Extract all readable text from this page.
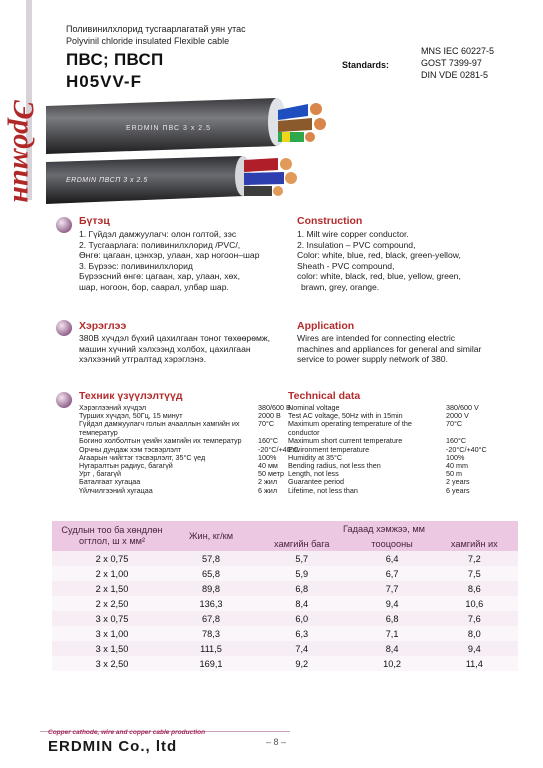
Эрдмин
Поливинилхлорид тусгаарлагатай уян утас
Polyvinil chloride insulated Flexible cable
ПВС; ПВСП
H05VV-F
Standards:
MNS IEC 60227-5
GOST 7399-97
DIN VDE 0281-5
ERDMIN ПВС 3 х 2.5
ERDMIN ПВСП 3 х 2.5
Бүтэц
1. Гүйдэл дамжуулагч: олон голтой, зэс
2. Тусгаарлага: поливинилхлорид /PVC/,
Өнгө: цагаан, цэнхэр, улаан, хар ногоон–шар
3. Бүрээс: поливинилхлорид
Бүрээсний өнгө: цагаан, хар, улаан, хөх,
шар, ногоон, бор, саарал, улбар шар.
Construction
1. Milt wire copper conductor.
2. Insulation – PVC compound,
Color: white, blue, red, black, green-yellow,
Sheath - PVC compound,
color: white, black, red, blue, yellow, green,
brawn, grey, orange.
Хэрэглээ
380В хүчдэл бүхий цахилгаан тоног төхөөрөмж,
машин хүчний хэлхээнд холбох, цахилгаан
хэлхээний утгралтад хэрэглэнэ.
Application
Wires are intended for connecting electric
machines and appliances for general and similar
service to power supply network of 380.
Техник үзүүлэлтүүд	Technical data
Хэрэглээний хүчдэл	380/600 В
Турших хүчдэл, 50Гц, 15 минут	2000 В
Гүйдэл дамжуулагч голын ачааллын хамгийн их температур
70°C
Богино холболтын үеийн хамгийн их температур	160°C
Орчны дундаж хэм тэсвэрлэлт	-20°C/+40°C
Агаарын чийгтэг тэсвэрлэлт, 35°C үед	100%
Нугаралтын радиус, багагүй	40 мм
Урт , багагүй	50 метр
Баталгаат хугацаа	2 жил
Үйлчилгээний хугацаа	6 жил
Nominal voltage	380/600 V
Test AC voltage, 50Hz with in 15min	2000 V
Maximum operating temperature of the conductor
70°C
Maximum short current temperature	160°C
Environment temperature	-20°C/+40°C
Humidity at 35°C	100%
Bending radius, not less then	40 mm
Length, not less	50 m
Guarantee period	2 years
Lifetime, not less than	6 years
Судлын тоо ба хөндлөн огтлол, ш х мм²	Жин, кг/км	Гадаад хэмжээ, мм		
		хамгийн бага	тооцооны	хамгийн их
2 х 0,75	57,8	5,7	6,4	7,2
2 х 1,00	65,8	5,9	6,7	7,5
2 х 1,50	89,8	6,8	7,7	8,6
2 х 2,50	136,3	8,4	9,4	10,6
3 х 0,75	67,8	6,0	6,8	7,6
3 х 1,00	78,3	6,3	7,1	8,0
3 х 1,50	111,5	7,4	8,4	9,4
3 х 2,50	169,1	9,2	10,2	11,4
Copper cathode, wire and copper cable production
ERDMIN Co., ltd	– 8 –
